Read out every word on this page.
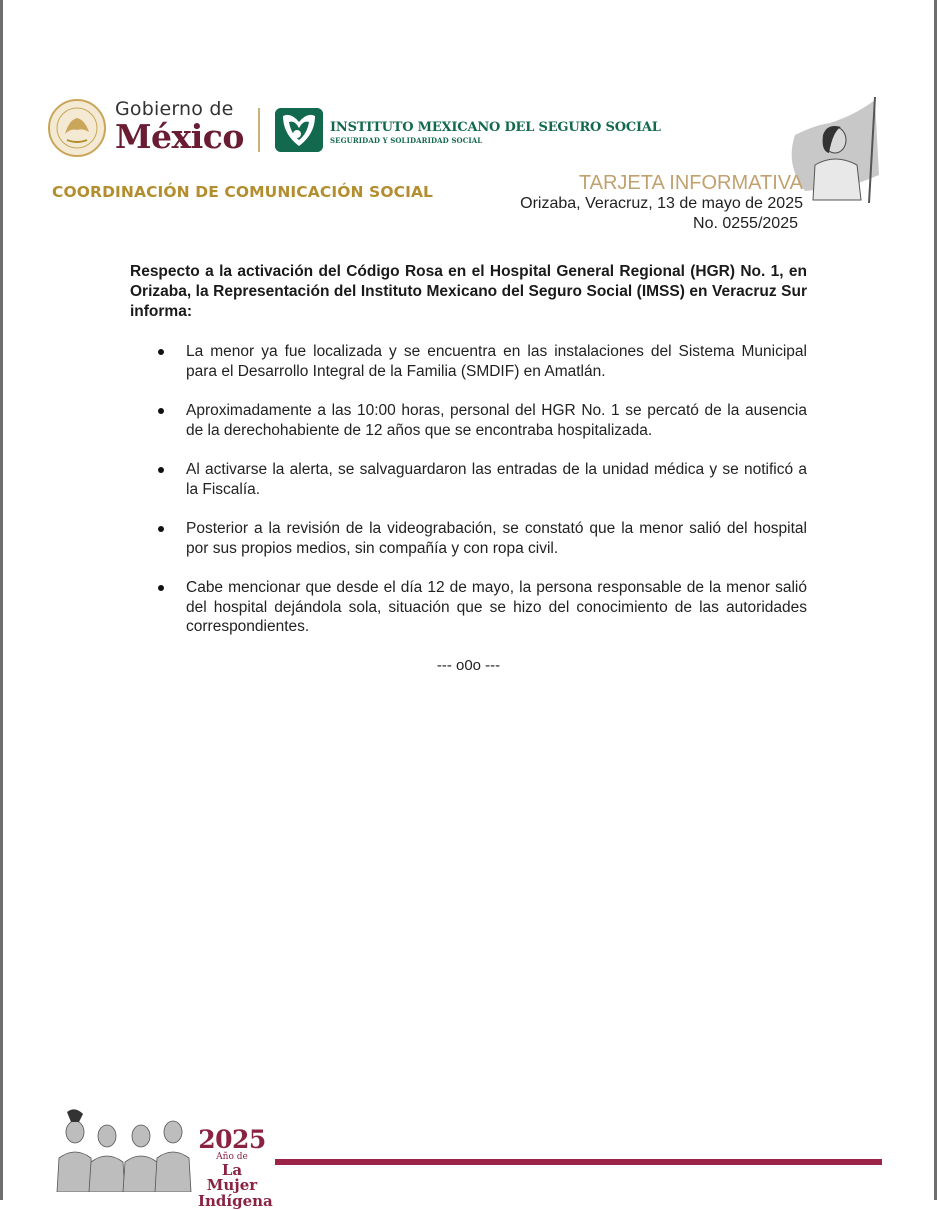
Gobierno de
México	INSTITUTO MEXICANO DEL SEGURO SOCIAL
SEGURIDAD Y SOLIDARIDAD SOCIAL
COORDINACIÓN DE COMUNICACIÓN SOCIAL	TARJETA INFORMATIVA
Orizaba, Veracruz, 13 de mayo de 2025
No. 0255/2025
Respecto a la activación del Código Rosa en el Hospital General Regional (HGR) No. 1, en Orizaba, la Representación del Instituto Mexicano del Seguro Social (IMSS) en Veracruz Sur informa:
La menor ya fue localizada y se encuentra en las instalaciones del Sistema Municipal para el Desarrollo Integral de la Familia (SMDIF) en Amatlán.
Aproximadamente a las 10:00 horas, personal del HGR No. 1 se percató de la ausencia de la derechohabiente de 12 años que se encontraba hospitalizada.
Al activarse la alerta, se salvaguardaron las entradas de la unidad médica y se notificó a la Fiscalía.
Posterior a la revisión de la videograbación, se constató que la menor salió del hospital por sus propios medios, sin compañía y con ropa civil.
Cabe mencionar que desde el día 12 de mayo, la persona responsable de la menor salió del hospital dejándola sola, situación que se hizo del conocimiento de las autoridades correspondientes.
--- o0o ---
2025
Año de
La Mujer
Indígena
